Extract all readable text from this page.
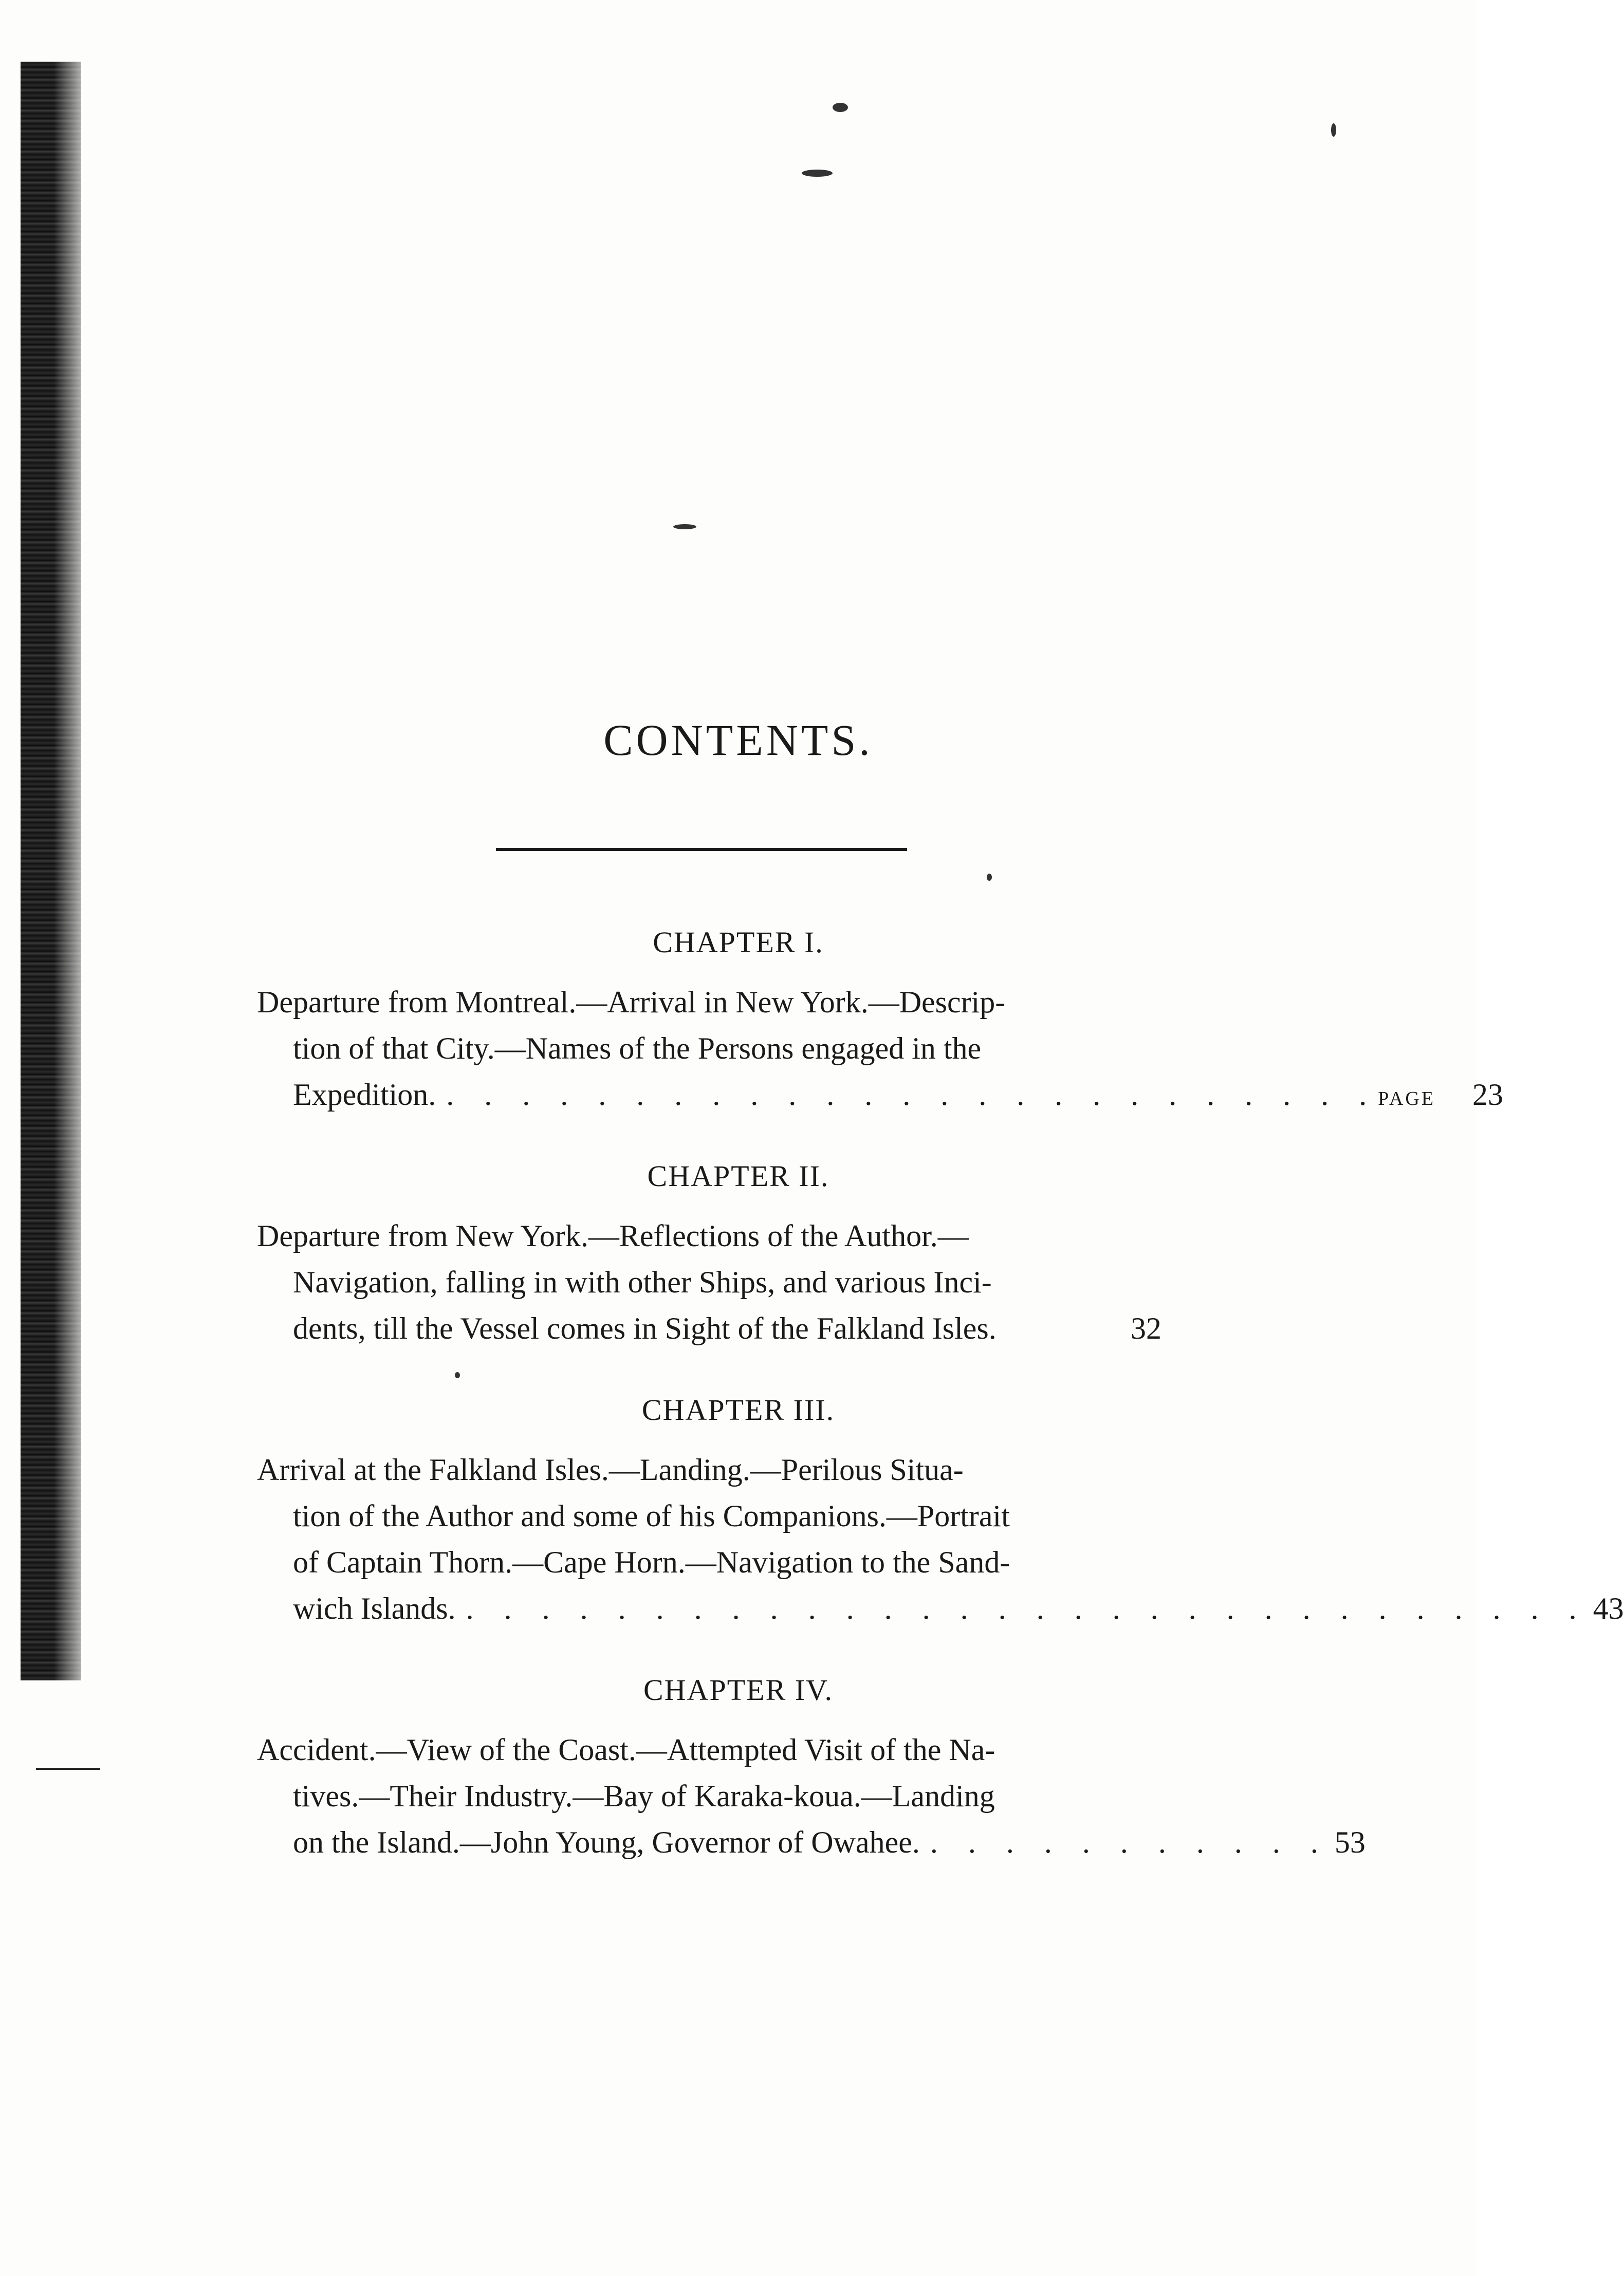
CONTENTS.
CHAPTER I.
Departure from Montreal.—Arrival in New York.—Descrip-
tion of that City.—Names of the Persons engaged in the
Expedition. . . . . . . . . . . . . . . . . . . . . . . . . . PAGE 23
CHAPTER II.
Departure from New York.—Reflections of the Author.—
Navigation, falling in with other Ships, and various Inci-
dents, till the Vessel comes in Sight of the Falkland Isles.	32
CHAPTER III.
Arrival at the Falkland Isles.—Landing.—Perilous Situa-
tion of the Author and some of his Companions.—Portrait
of Captain Thorn.—Cape Horn.—Navigation to the Sand-
wich Islands. . . . . . . . . . . . . . . . . . . . . . . . . . . . . . . 43
CHAPTER IV.
Accident.—View of the Coast.—Attempted Visit of the Na-
tives.—Their Industry.—Bay of Karaka-koua.—Landing
on the Island.—John Young, Governor of Owahee. . . . . . . . . . . . 53
